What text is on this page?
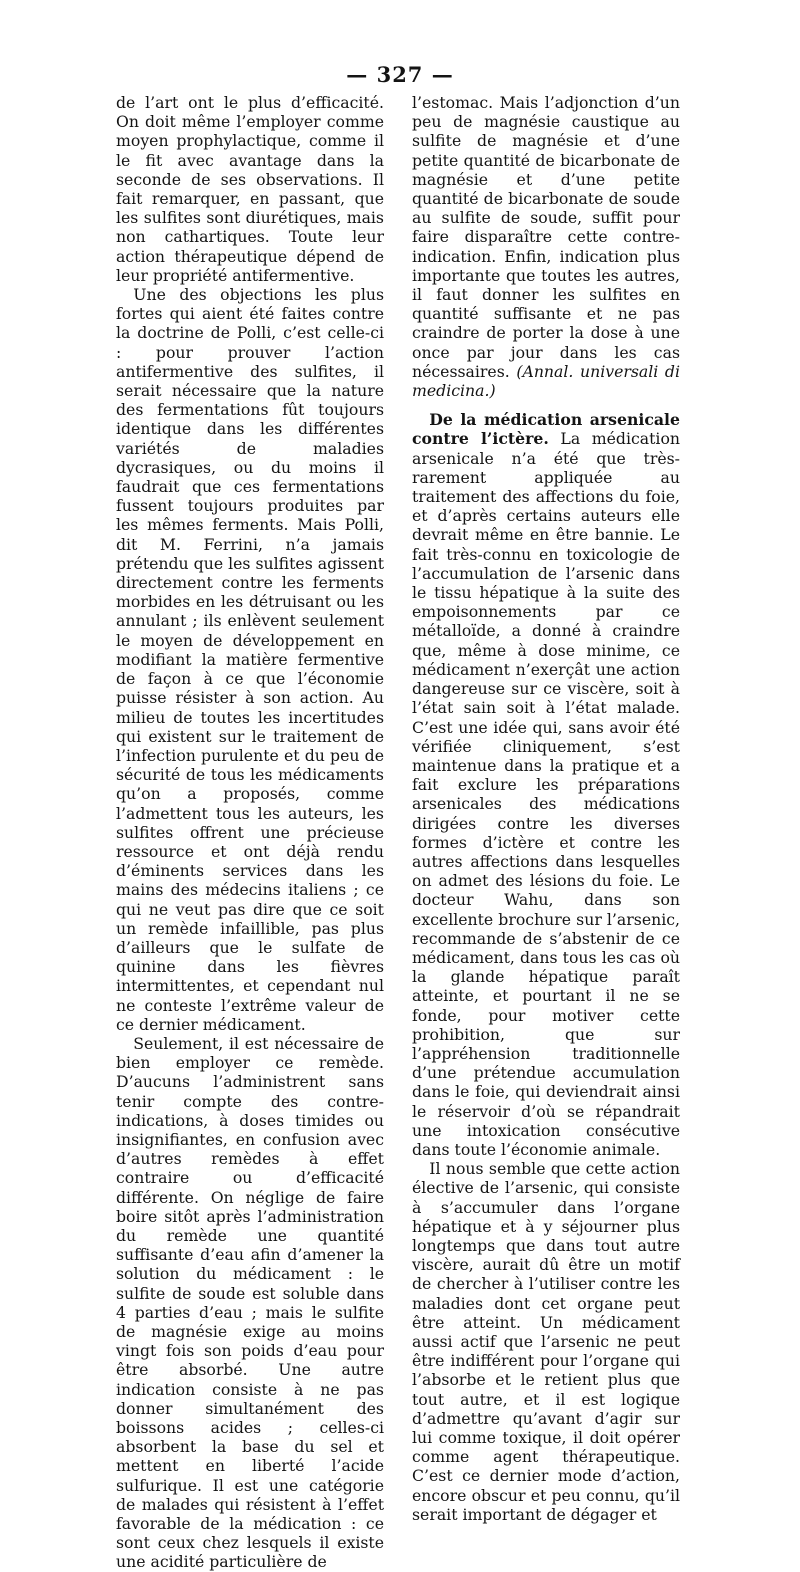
— 327 —

de l’art ont le plus d’efficacité. On doit même l’employer comme moyen prophylactique, comme il le fit avec avantage dans la seconde de ses observations. Il fait remarquer, en passant, que les sulfites sont diurétiques, mais non cathartiques. Toute leur action thérapeutique dépend de leur propriété antifermentive.

Une des objections les plus fortes qui aient été faites contre la doctrine de Polli, c’est celle-ci : pour prouver l’action antifermentive des sulfites, il serait nécessaire que la nature des fermentations fût toujours identique dans les différentes variétés de maladies dycrasiques, ou du moins il faudrait que ces fermentations fussent toujours produites par les mêmes ferments. Mais Polli, dit M. Ferrini, n’a jamais prétendu que les sulfites agissent directement contre les ferments morbides en les détruisant ou les annulant ; ils enlèvent seulement le moyen de développement en modifiant la matière fermentive de façon à ce que l’économie puisse résister à son action. Au milieu de toutes les incertitudes qui existent sur le traitement de l’infection purulente et du peu de sécurité de tous les médicaments qu’on a proposés, comme l’admettent tous les auteurs, les sulfites offrent une précieuse ressource et ont déjà rendu d’éminents services dans les mains des médecins italiens ; ce qui ne veut pas dire que ce soit un remède infaillible, pas plus d’ailleurs que le sulfate de quinine dans les fièvres intermittentes, et cependant nul ne conteste l’extrême valeur de ce dernier médicament.

Seulement, il est nécessaire de bien employer ce remède. D’aucuns l’administrent sans tenir compte des contre-indications, à doses timides ou insignifiantes, en confusion avec d’autres remèdes à effet contraire ou d’efficacité différente. On néglige de faire boire sitôt après l’administration du remède une quantité suffisante d’eau afin d’amener la solution du médicament : le sulfite de soude est soluble dans 4 parties d’eau ; mais le sulfite de magnésie exige au moins vingt fois son poids d’eau pour être absorbé. Une autre indication consiste à ne pas donner simultanément des boissons acides ; celles-ci absorbent la base du sel et mettent en liberté l’acide sulfurique. Il est une catégorie de malades qui résistent à l’effet favorable de la médication : ce sont ceux chez lesquels il existe une acidité particulière de

l’estomac. Mais l’adjonction d’un peu de magnésie caustique au sulfite de magnésie et d’une petite quantité de bicarbonate de magnésie et d’une petite quantité de bicarbonate de soude au sulfite de soude, suffit pour faire disparaître cette contre-indication. Enfin, indication plus importante que toutes les autres, il faut donner les sulfites en quantité suffisante et ne pas craindre de porter la dose à une once par jour dans les cas nécessaires. (Annal. universali di medicina.)

De la médication arsenicale contre l’ictère. La médication arsenicale n’a été que très-rarement appliquée au traitement des affections du foie, et d’après certains auteurs elle devrait même en être bannie. Le fait très-connu en toxicologie de l’accumulation de l’arsenic dans le tissu hépatique à la suite des empoisonnements par ce métalloïde, a donné à craindre que, même à dose minime, ce médicament n’exerçât une action dangereuse sur ce viscère, soit à l’état sain soit à l’état malade. C’est une idée qui, sans avoir été vérifiée cliniquement, s’est maintenue dans la pratique et a fait exclure les préparations arsenicales des médications dirigées contre les diverses formes d’ictère et contre les autres affections dans lesquelles on admet des lésions du foie. Le docteur Wahu, dans son excellente brochure sur l’arsenic, recommande de s’abstenir de ce médicament, dans tous les cas où la glande hépatique paraît atteinte, et pourtant il ne se fonde, pour motiver cette prohibition, que sur l’appréhension traditionnelle d’une prétendue accumulation dans le foie, qui deviendrait ainsi le réservoir d’où se répandrait une intoxication consécutive dans toute l’économie animale.

Il nous semble que cette action élective de l’arsenic, qui consiste à s’accumuler dans l’organe hépatique et à y séjourner plus longtemps que dans tout autre viscère, aurait dû être un motif de chercher à l’utiliser contre les maladies dont cet organe peut être atteint. Un médicament aussi actif que l’arsenic ne peut être indifférent pour l’organe qui l’absorbe et le retient plus que tout autre, et il est logique d’admettre qu’avant d’agir sur lui comme toxique, il doit opérer comme agent thérapeutique. C’est ce dernier mode d’action, encore obscur et peu connu, qu’il serait important de dégager et
